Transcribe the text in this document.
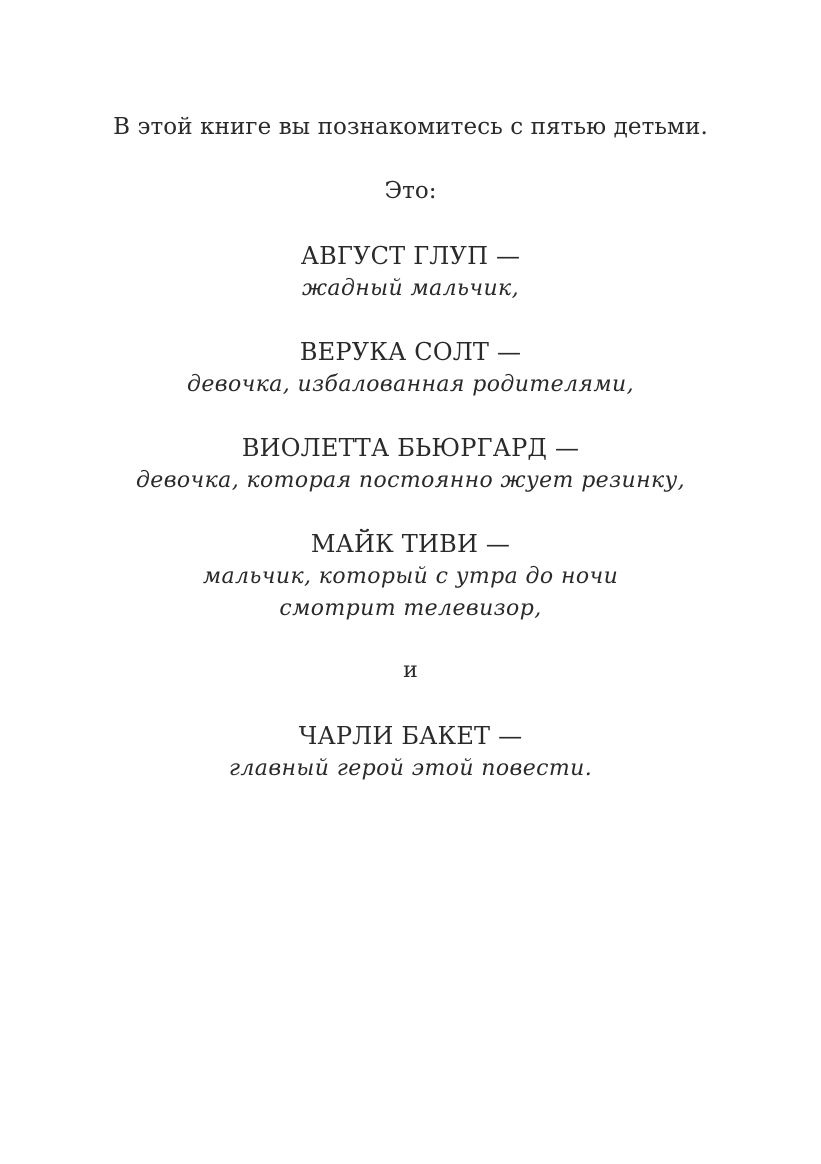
В этой книге вы познакомитесь с пятью детьми.
Это:
АВГУСТ ГЛУП —
жадный мальчик,
ВЕРУКА СОЛТ —
девочка, избалованная родителями,
ВИОЛЕТТА БЬЮРГАРД —
девочка, которая постоянно жует резинку,
МАЙК ТИВИ —
мальчик, который с утра до ночи
смотрит телевизор,
и
ЧАРЛИ БАКЕТ —
главный герой этой повести.
